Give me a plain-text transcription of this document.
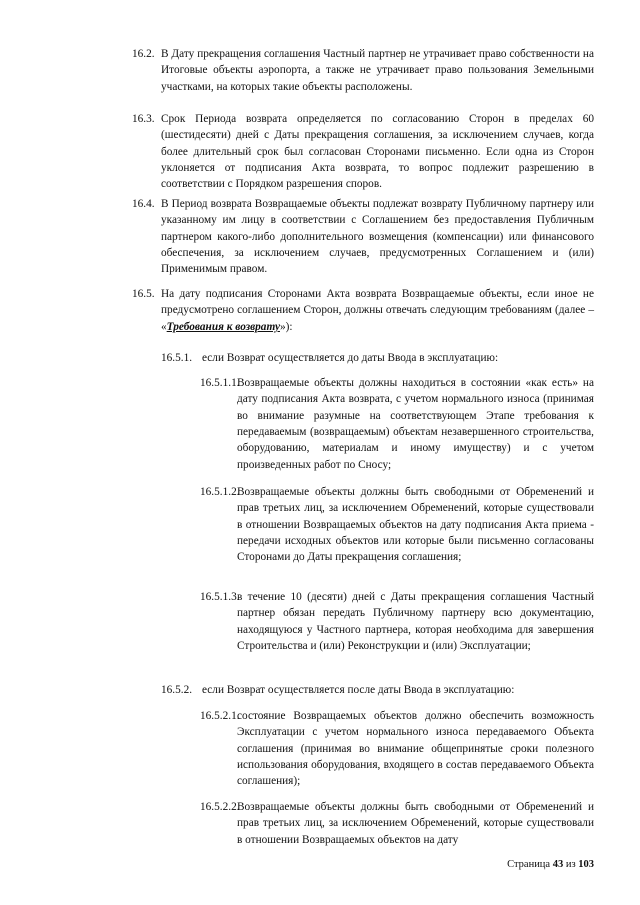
16.2. В Дату прекращения соглашения Частный партнер не утрачивает право собственности на Итоговые объекты аэропорта, а также не утрачивает право пользования Земельными участками, на которых такие объекты расположены.
16.3. Срок Периода возврата определяется по согласованию Сторон в пределах 60 (шестидесяти) дней с Даты прекращения соглашения, за исключением случаев, когда более длительный срок был согласован Сторонами письменно. Если одна из Сторон уклоняется от подписания Акта возврата, то вопрос подлежит разрешению в соответствии с Порядком разрешения споров.
16.4. В Период возврата Возвращаемые объекты подлежат возврату Публичному партнеру или указанному им лицу в соответствии с Соглашением без предоставления Публичным партнером какого-либо дополнительного возмещения (компенсации) или финансового обеспечения, за исключением случаев, предусмотренных Соглашением и (или) Применимым правом.
16.5. На дату подписания Сторонами Акта возврата Возвращаемые объекты, если иное не предусмотрено соглашением Сторон, должны отвечать следующим требованиям (далее – «Требования к возврату»):
16.5.1. если Возврат осуществляется до даты Ввода в эксплуатацию:
16.5.1.1.
Возвращаемые объекты должны находиться в состоянии «как есть» на дату подписания Акта возврата, с учетом нормального износа (принимая во внимание разумные на соответствующем Этапе требования к передаваемым (возвращаемым) объектам незавершенного строительства, оборудованию, материалам и иному имуществу) и с учетом произведенных работ по Сносу;
16.5.1.2.
Возвращаемые объекты должны быть свободными от Обременений и прав третьих лиц, за исключением Обременений, которые существовали в отношении Возвращаемых объектов на дату подписания Акта приема - передачи исходных объектов или которые были письменно согласованы Сторонами до Даты прекращения соглашения;
16.5.1.3.
в течение 10 (десяти) дней с Даты прекращения соглашения Частный партнер обязан передать Публичному партнеру всю документацию, находящуюся у Частного партнера, которая необходима для завершения Строительства и (или) Реконструкции и (или) Эксплуатации;
16.5.2. если Возврат осуществляется после даты Ввода в эксплуатацию:
16.5.2.1.
состояние Возвращаемых объектов должно обеспечить возможность Эксплуатации с учетом нормального износа передаваемого Объекта соглашения (принимая во внимание общепринятые сроки полезного использования оборудования, входящего в состав передаваемого Объекта соглашения);
16.5.2.2.
Возвращаемые объекты должны быть свободными от Обременений и прав третьих лиц, за исключением Обременений, которые существовали в отношении Возвращаемых объектов на дату
Страница 43 из 103
